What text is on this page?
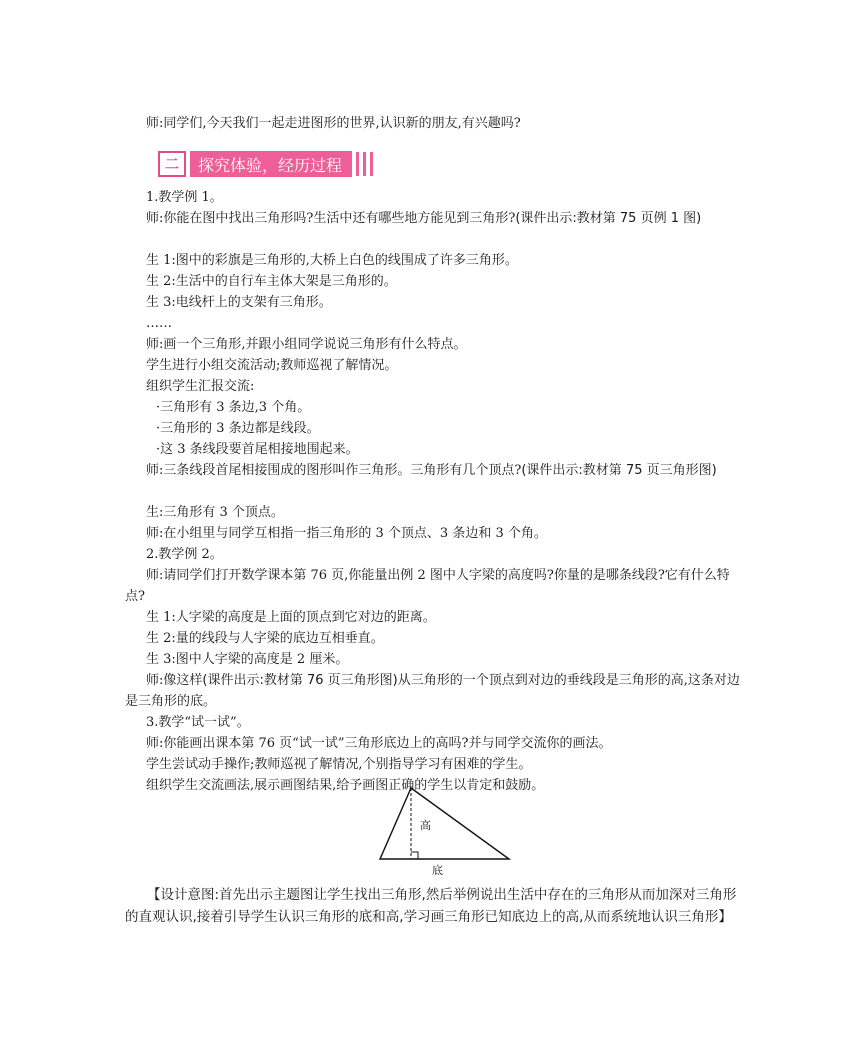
师:同学们,今天我们一起走进图形的世界,认识新的朋友,有兴趣吗?
二	探究体验，经历过程
1.教学例 1。
师:你能在图中找出三角形吗?生活中还有哪些地方能见到三角形?(课件出示:教材第 75 页例 1 图)
生 1:图中的彩旗是三角形的,大桥上白色的线围成了许多三角形。
生 2:生活中的自行车主体大架是三角形的。
生 3:电线杆上的支架有三角形。
……
师:画一个三角形,并跟小组同学说说三角形有什么特点。
学生进行小组交流活动;教师巡视了解情况。
组织学生汇报交流:
·三角形有 3 条边,3 个角。
·三角形的 3 条边都是线段。
·这 3 条线段要首尾相接地围起来。
师:三条线段首尾相接围成的图形叫作三角形。三角形有几个顶点?(课件出示:教材第 75 页三角形图)
生:三角形有 3 个顶点。
师:在小组里与同学互相指一指三角形的 3 个顶点、3 条边和 3 个角。
2.教学例 2。
师:请同学们打开数学课本第 76 页,你能量出例 2 图中人字梁的高度吗?你量的是哪条线段?它有什么特点?
生 1:人字梁的高度是上面的顶点到它对边的距离。
生 2:量的线段与人字梁的底边互相垂直。
生 3:图中人字梁的高度是 2 厘米。
师:像这样(课件出示:教材第 76 页三角形图)从三角形的一个顶点到对边的垂线段是三角形的高,这条对边是三角形的底。
3.教学“试一试”。
师:你能画出课本第 76 页“试一试”三角形底边上的高吗?并与同学交流你的画法。
学生尝试动手操作;教师巡视了解情况,个别指导学习有困难的学生。
组织学生交流画法,展示画图结果,给予画图正确的学生以肯定和鼓励。
高
底
【设计意图:首先出示主题图让学生找出三角形,然后举例说出生活中存在的三角形从而加深对三角形的直观认识,接着引导学生认识三角形的底和高,学习画三角形已知底边上的高,从而系统地认识三角形】
